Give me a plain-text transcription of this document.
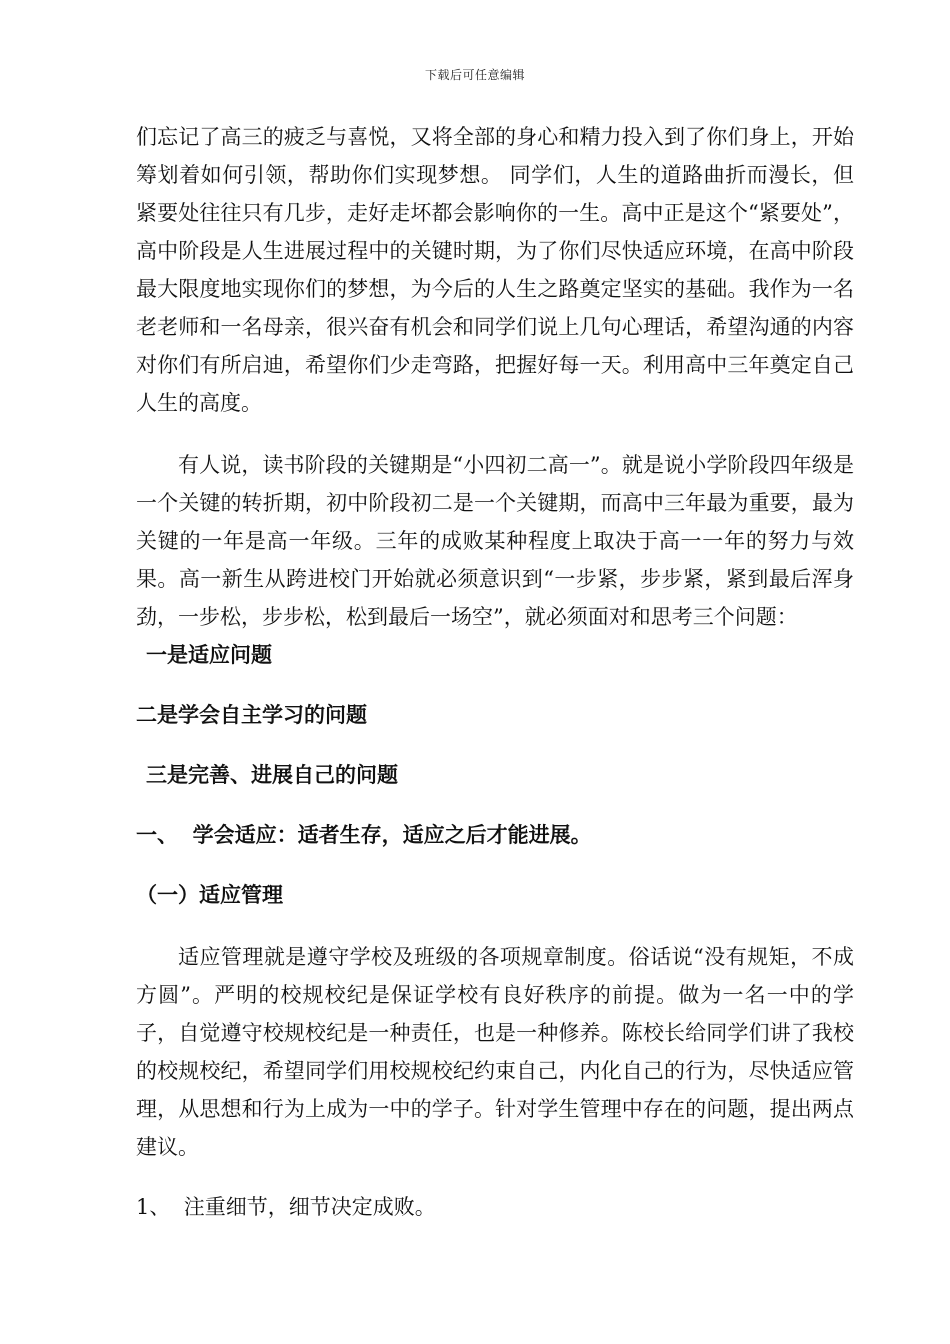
下载后可任意编辑

们忘记了高三的疲乏与喜悦，又将全部的身心和精力投入到了你们身上，开始筹划着如何引领，帮助你们实现梦想。 同学们，人生的道路曲折而漫长，但紧要处往往只有几步，走好走坏都会影响你的一生。高中正是这个“紧要处”，高中阶段是人生进展过程中的关键时期，为了你们尽快适应环境，在高中阶段最大限度地实现你们的梦想，为今后的人生之路奠定坚实的基础。我作为一名老老师和一名母亲，很兴奋有机会和同学们说上几句心理话，希望沟通的内容对你们有所启迪，希望你们少走弯路，把握好每一天。利用高中三年奠定自己人生的高度。

有人说，读书阶段的关键期是“小四初二高一”。就是说小学阶段四年级是一个关键的转折期，初中阶段初二是一个关键期，而高中三年最为重要，最为关键的一年是高一年级。三年的成败某种程度上取决于高一一年的努力与效果。高一新生从跨进校门开始就必须意识到“一步紧，步步紧，紧到最后浑身劲，一步松，步步松，松到最后一场空”，就必须面对和思考三个问题：

一是适应问题

二是学会自主学习的问题

三是完善、进展自己的问题

一、  学会适应：适者生存，适应之后才能进展。

（一）适应管理

适应管理就是遵守学校及班级的各项规章制度。俗话说“没有规矩，不成方圆”。严明的校规校纪是保证学校有良好秩序的前提。做为一名一中的学子，自觉遵守校规校纪是一种责任，也是一种修养。陈校长给同学们讲了我校的校规校纪，希望同学们用校规校纪约束自己，内化自己的行为，尽快适应管理，从思想和行为上成为一中的学子。针对学生管理中存在的问题，提出两点建议。

1、  注重细节，细节决定成败。
